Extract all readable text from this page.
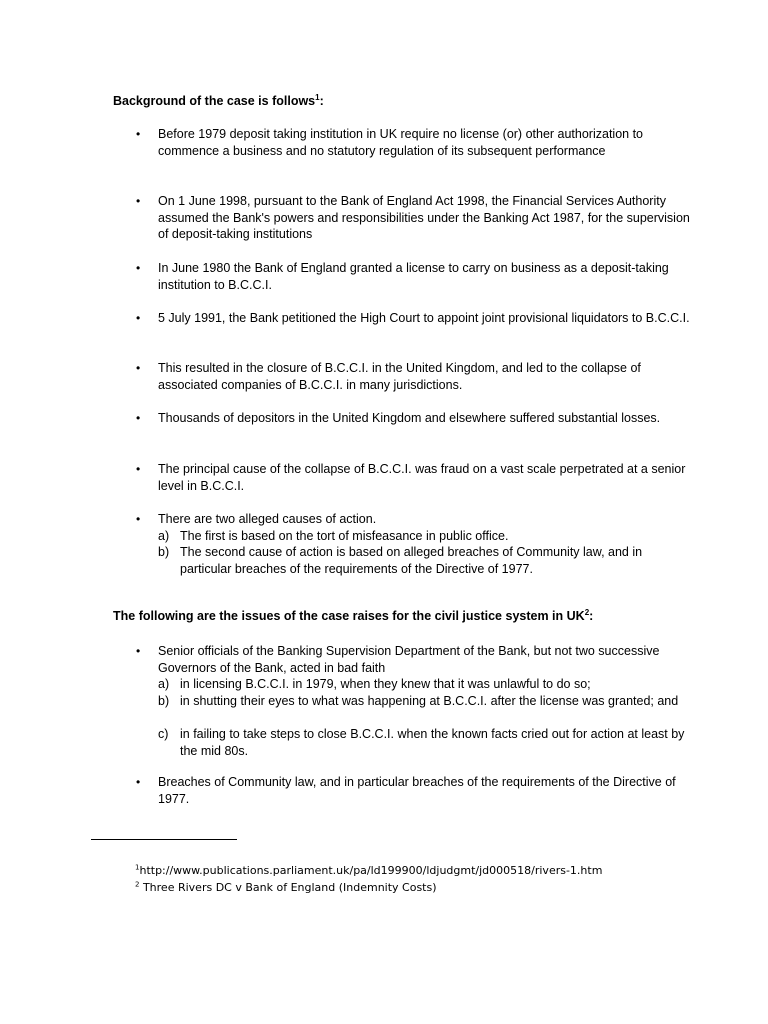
Background of the case is follows$^1$:
•	Before 1979 deposit taking institution in UK require no license (or) other authorization to commence a business and no statutory regulation of its subsequent performance
•	On 1 June 1998, pursuant to the Bank of England Act 1998, the Financial Services Authority assumed the Bank's powers and responsibilities under the Banking Act 1987, for the supervision of deposit-taking institutions
•	In June 1980 the Bank of England granted a license to carry on business as a deposit-taking institution to B.C.C.I.
•	5 July 1991, the Bank petitioned the High Court to appoint joint provisional liquidators to B.C.C.I.
•	This resulted in the closure of B.C.C.I. in the United Kingdom, and led to the collapse of associated companies of B.C.C.I. in many jurisdictions.
•	Thousands of depositors in the United Kingdom and elsewhere suffered substantial losses.
•	The principal cause of the collapse of B.C.C.I. was fraud on a vast scale perpetrated at a senior level in B.C.C.I.
•	There are two alleged causes of action.
a) The first is based on the tort of misfeasance in public office.
b) The second cause of action is based on alleged breaches of Community law, and in particular breaches of the requirements of the Directive of 1977.
The following are the issues of the case raises for the civil justice system in $UK^2$:
•	Senior officials of the Banking Supervision Department of the Bank, but not two successive Governors of the Bank, acted in bad faith
a) in licensing B.C.C.I. in 1979, when they knew that it was unlawful to do so;
b) in shutting their eyes to what was happening at B.C.C.I. after the license was granted; and
c) in failing to take steps to close B.C.C.I. when the known facts cried out for action at least by the mid 80s.
•	Breaches of Community law, and in particular breaches of the requirements of the Directive of 1977.
$^1$http://www.publications.parliament.uk/pa/ld199900/ldjudgmt/jd000518/rivers-1.htm
$^2$ Three Rivers DC v Bank of England (Indemnity Costs)
